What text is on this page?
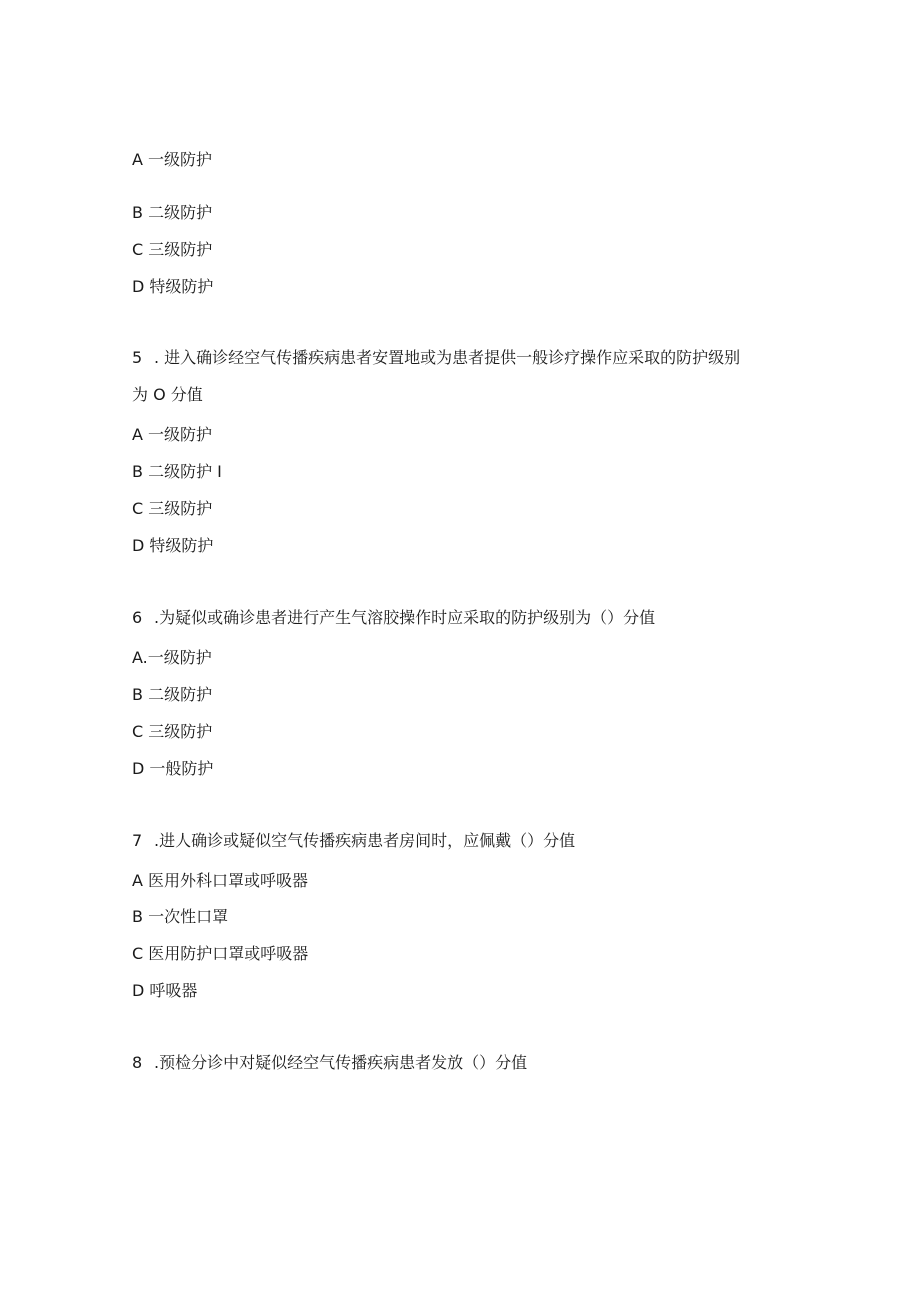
A 一级防护
B 二级防护
C 三级防护
D 特级防护
5 . 进入确诊经空气传播疾病患者安置地或为患者提供一般诊疗操作应采取的防护级别
为 O 分值
A 一级防护
B 二级防护 I
C 三级防护
D 特级防护
6 .为疑似或确诊患者进行产生气溶胶操作时应采取的防护级别为（）分值
A.一级防护
B 二级防护
C 三级防护
D 一般防护
7 .进人确诊或疑似空气传播疾病患者房间时，应佩戴（）分值
A 医用外科口罩或呼吸器
B 一次性口罩
C 医用防护口罩或呼吸器
D 呼吸器
8 .预检分诊中对疑似经空气传播疾病患者发放（）分值
